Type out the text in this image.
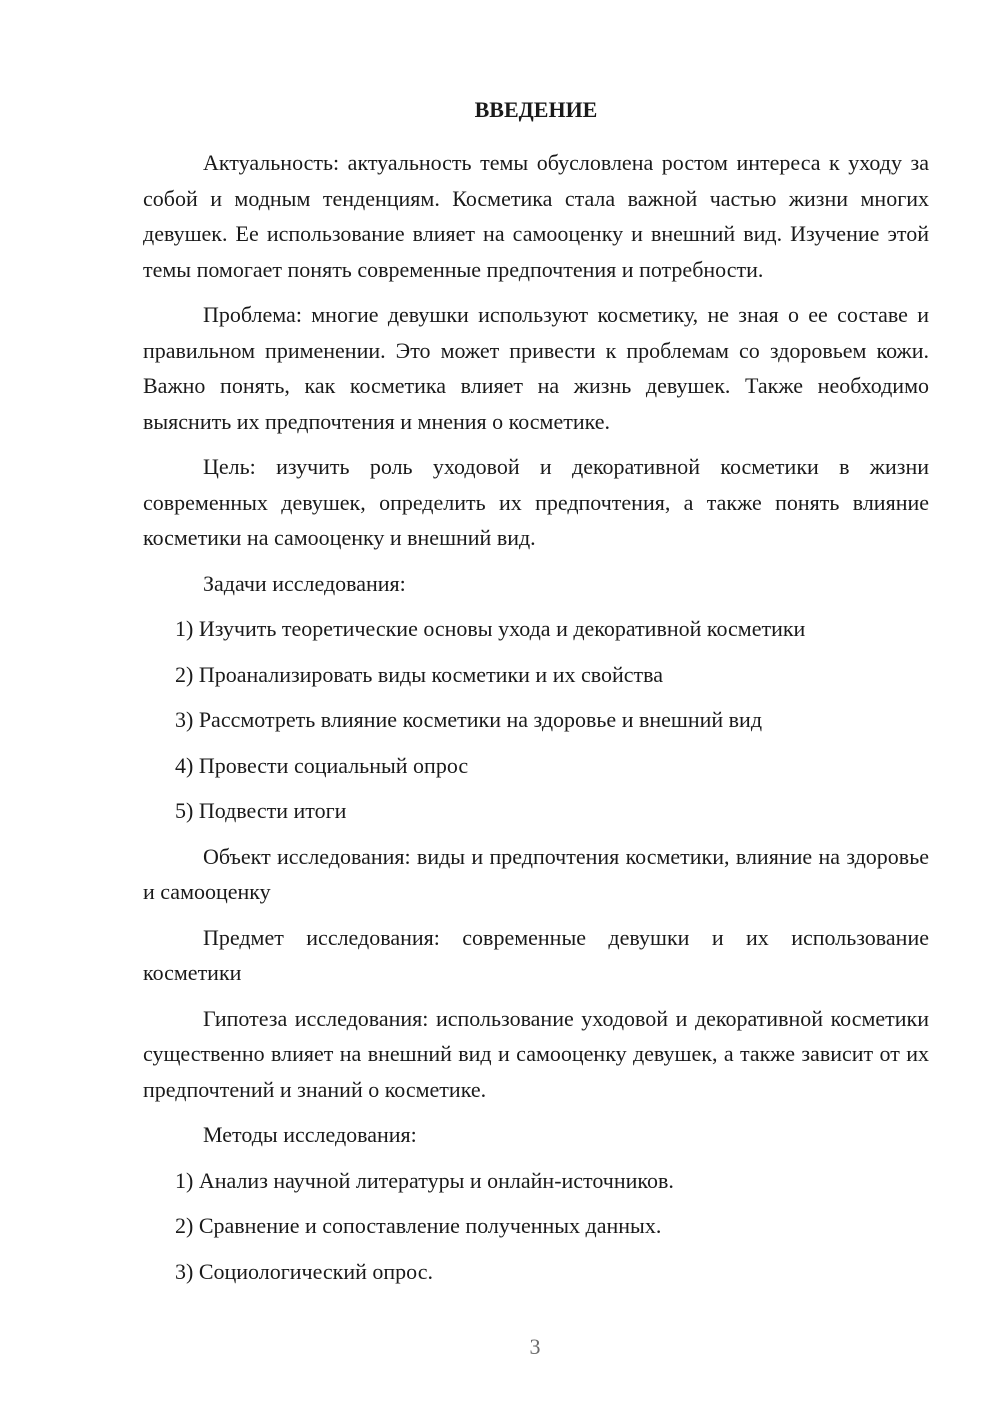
ВВЕДЕНИЕ

Актуальность: актуальность темы обусловлена ростом интереса к уходу за собой и модным тенденциям. Косметика стала важной частью жизни многих девушек. Ее использование влияет на самооценку и внешний вид. Изучение этой темы помогает понять современные предпочтения и потребности.

Проблема: многие девушки используют косметику, не зная о ее составе и правильном применении. Это может привести к проблемам со здоровьем кожи. Важно понять, как косметика влияет на жизнь девушек. Также необходимо выяснить их предпочтения и мнения о косметике.

Цель: изучить роль уходовой и декоративной косметики в жизни современных девушек, определить их предпочтения, а также понять влияние косметики на самооценку и внешний вид.

Задачи исследования:
1) Изучить теоретические основы ухода и декоративной косметики
2) Проанализировать виды косметики и их свойства
3) Рассмотреть влияние косметики на здоровье и внешний вид
4) Провести социальный опрос
5) Подвести итоги

Объект исследования: виды и предпочтения косметики, влияние на здоровье и самооценку

Предмет исследования: современные девушки и их использование косметики

Гипотеза исследования: использование уходовой и декоративной косметики существенно влияет на внешний вид и самооценку девушек, а также зависит от их предпочтений и знаний о косметике.

Методы исследования:
1) Анализ научной литературы и онлайн-источников.
2) Сравнение и сопоставление полученных данных.
3) Социологический опрос.
3
